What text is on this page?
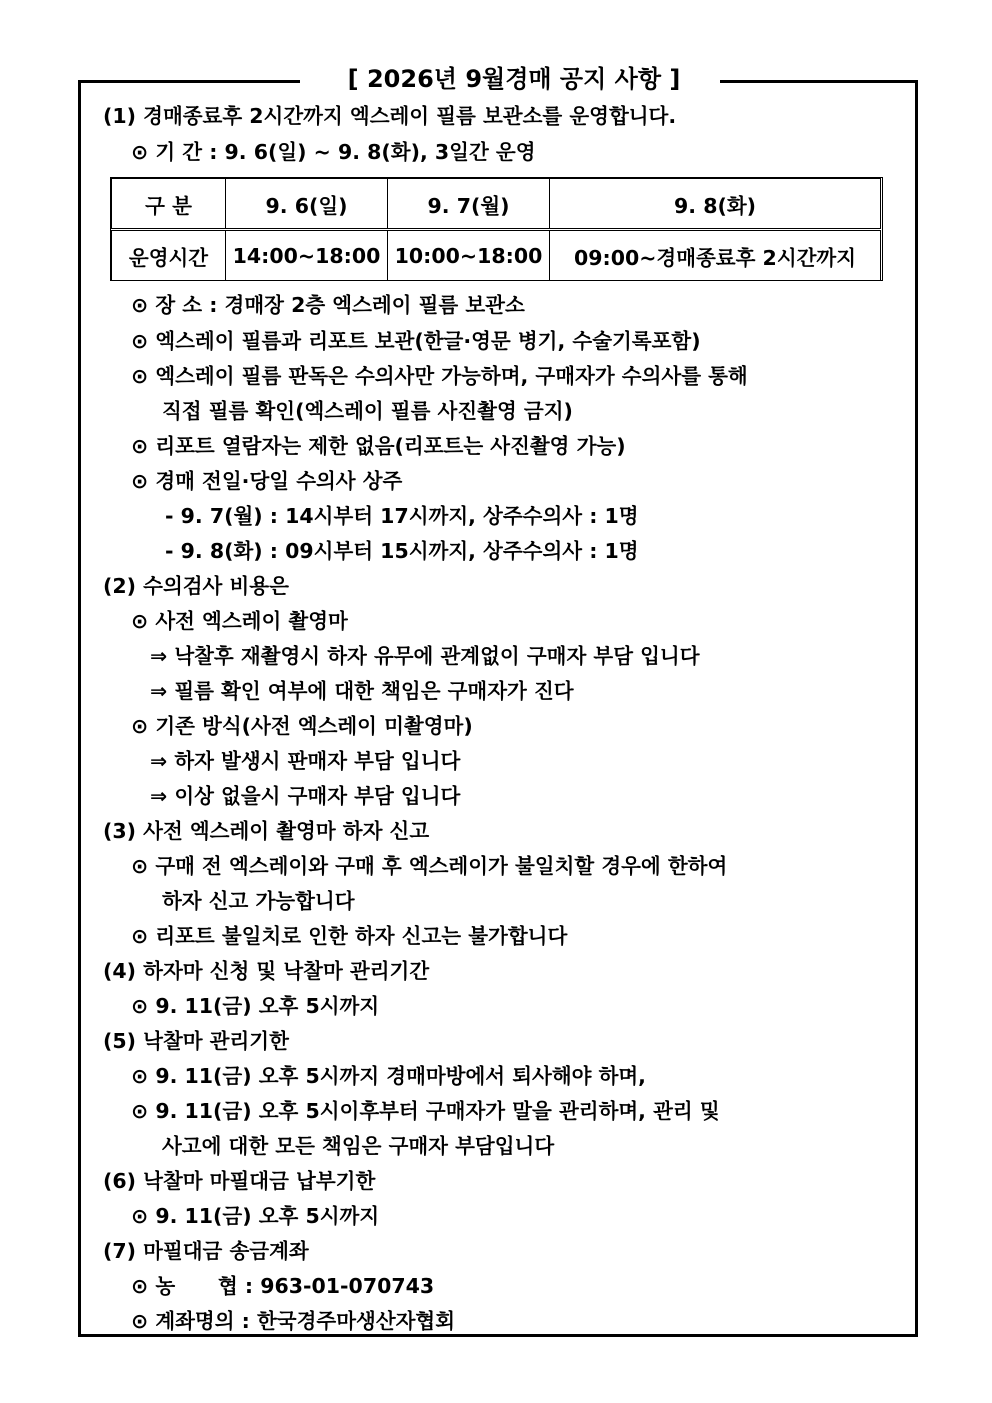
[ 2026년 9월경매 공지 사항 ]
(1) 경매종료후 2시간까지 엑스레이 필름 보관소를 운영합니다.
⊙ 기 간 : 9. 6(일) ~ 9. 8(화), 3일간 운영
구 분	9. 6(일)	9. 7(월)	9. 8(화)
운영시간	14:00~18:00	10:00~18:00	09:00~경매종료후 2시간까지
⊙ 장 소 : 경매장 2층 엑스레이 필름 보관소
⊙ 엑스레이 필름과 리포트 보관(한글·영문 병기, 수술기록포함)
⊙ 엑스레이 필름 판독은 수의사만 가능하며, 구매자가 수의사를 통해
직접 필름 확인(엑스레이 필름 사진촬영 금지)
⊙ 리포트 열람자는 제한 없음(리포트는 사진촬영 가능)
⊙ 경매 전일·당일 수의사 상주
- 9. 7(월) : 14시부터 17시까지, 상주수의사 : 1명
- 9. 8(화) : 09시부터 15시까지, 상주수의사 : 1명
(2) 수의검사 비용은
⊙ 사전 엑스레이 촬영마
⇒ 낙찰후 재촬영시 하자 유무에 관계없이 구매자 부담 입니다
⇒ 필름 확인 여부에 대한 책임은 구매자가 진다
⊙ 기존 방식(사전 엑스레이 미촬영마)
⇒ 하자 발생시 판매자 부담 입니다
⇒ 이상 없을시 구매자 부담 입니다
(3) 사전 엑스레이 촬영마 하자 신고
⊙ 구매 전 엑스레이와 구매 후 엑스레이가 불일치할 경우에 한하여
하자 신고 가능합니다
⊙ 리포트 불일치로 인한 하자 신고는 불가합니다
(4) 하자마 신청 및 낙찰마 관리기간
⊙ 9. 11(금) 오후 5시까지
(5) 낙찰마 관리기한
⊙ 9. 11(금) 오후 5시까지 경매마방에서 퇴사해야 하며,
⊙ 9. 11(금) 오후 5시이후부터 구매자가 말을 관리하며, 관리 및
사고에 대한 모든 책임은 구매자 부담입니다
(6) 낙찰마 마필대금 납부기한
⊙ 9. 11(금) 오후 5시까지
(7) 마필대금 송금계좌
⊙ 농      협 : 963-01-070743
⊙ 계좌명의 : 한국경주마생산자협회
